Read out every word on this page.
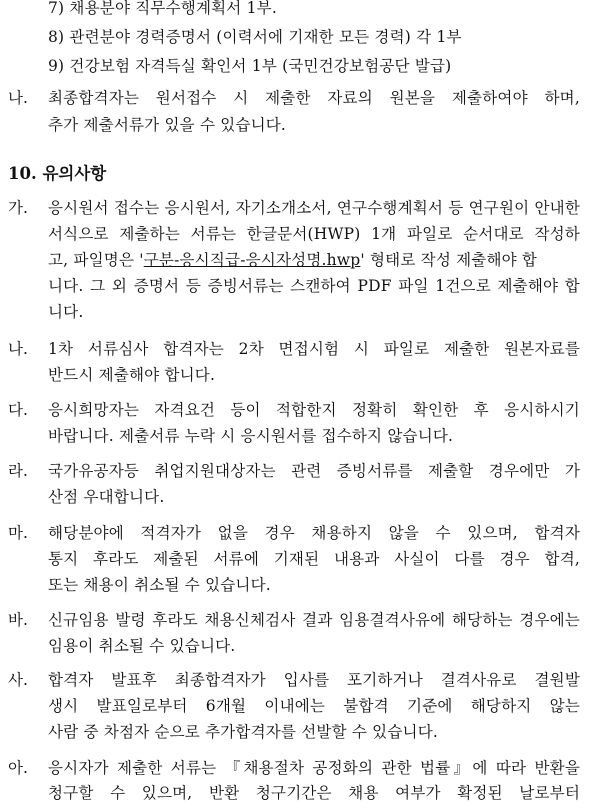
7) 채용분야 직무수행계획서 1부.
8) 관련분야 경력증명서 (이력서에 기재한 모든 경력) 각 1부
9) 건강보험 자격득실 확인서 1부 (국민건강보험공단 발급)
나. 최종합격자는 원서접수 시 제출한 자료의 원본을 제출하여야 하며,
추가 제출서류가 있을 수 있습니다.
10. 유의사항
가. 응시원서 접수는 응시원서, 자기소개소서, 연구수행계획서 등 연구원이 안내한
서식으로 제출하는 서류는 한글문서(HWP) 1개 파일로 순서대로 작성하
고, 파일명은 '구분-응시직급-응시자성명.hwp' 형태로 작성 제출해야 합
니다. 그 외 증명서 등 증빙서류는 스캔하여 PDF 파일 1건으로 제출해야 합
니다.
나. 1차 서류심사 합격자는 2차 면접시험 시 파일로 제출한 원본자료를
반드시 제출해야 합니다.
다. 응시희망자는 자격요건 등이 적합한지 정확히 확인한 후 응시하시기
바랍니다. 제출서류 누락 시 응시원서를 접수하지 않습니다.
라. 국가유공자등 취업지원대상자는 관련 증빙서류를 제출할 경우에만 가
산점 우대합니다.
마. 해당분야에 적격자가 없을 경우 채용하지 않을 수 있으며, 합격자
통지 후라도 제출된 서류에 기재된 내용과 사실이 다를 경우 합격,
또는 채용이 취소될 수 있습니다.
바. 신규임용 발령 후라도 채용신체검사 결과 임용결격사유에 해당하는 경우에는
임용이 취소될 수 있습니다.
사. 합격자 발표후 최종합격자가 입사를 포기하거나 결격사유로 결원발
생시 발표일로부터 6개월 이내에는 불합격 기준에 해당하지 않는
사람 중 차점자 순으로 추가합격자를 선발할 수 있습니다.
아. 응시자가 제출한 서류는 『채용절차 공정화의 관한 법률』에 따라 반환을
청구할 수 있으며, 반환 청구기간은 채용 여부가 확정된 날로부터
